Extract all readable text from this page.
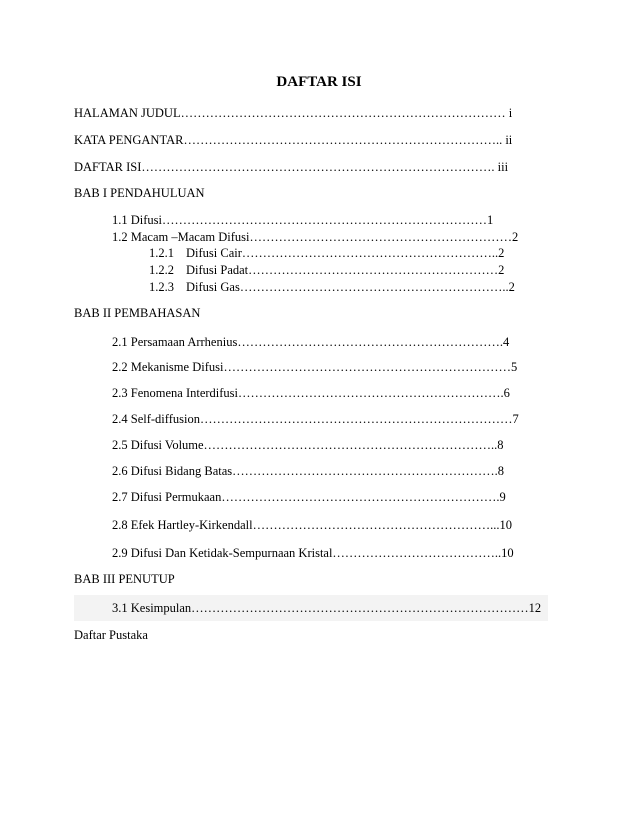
DAFTAR ISI
HALAMAN JUDUL…………………………………………………………………… i
KATA PENGANTAR………………………………………………………………….. ii
DAFTAR ISI…………………………………………………………………………. iii
BAB I PENDAHULUAN
1.1 Difusi……………………………………………………………………1
1.2 Macam –Macam Difusi………………………………………………………2
1.2.1 Difusi Cair……………………………………………………..2
1.2.2 Difusi Padat……………………………………………………2
1.2.3 Difusi Gas………………………………………………………..2
BAB II PEMBAHASAN
2.1 Persamaan Arrhenius……………………………………………………….4
2.2 Mekanisme Difusi……………………………………………………………5
2.3 Fenomena Interdifusi……………………………………………………….6
2.4 Self-diffusion…………………………………………………………………7
2.5 Difusi Volume……………………………………………………………..8
2.6 Difusi Bidang Batas……………………………………………………….8
2.7 Difusi Permukaan………………………………………………………….9
2.8 Efek Hartley-Kirkendall…………………………………………………...10
2.9 Difusi Dan Ketidak-Sempurnaan Kristal…………………………………..10
BAB III PENUTUP
3.1 Kesimpulan………………………………………………………………………12
Daftar Pustaka
